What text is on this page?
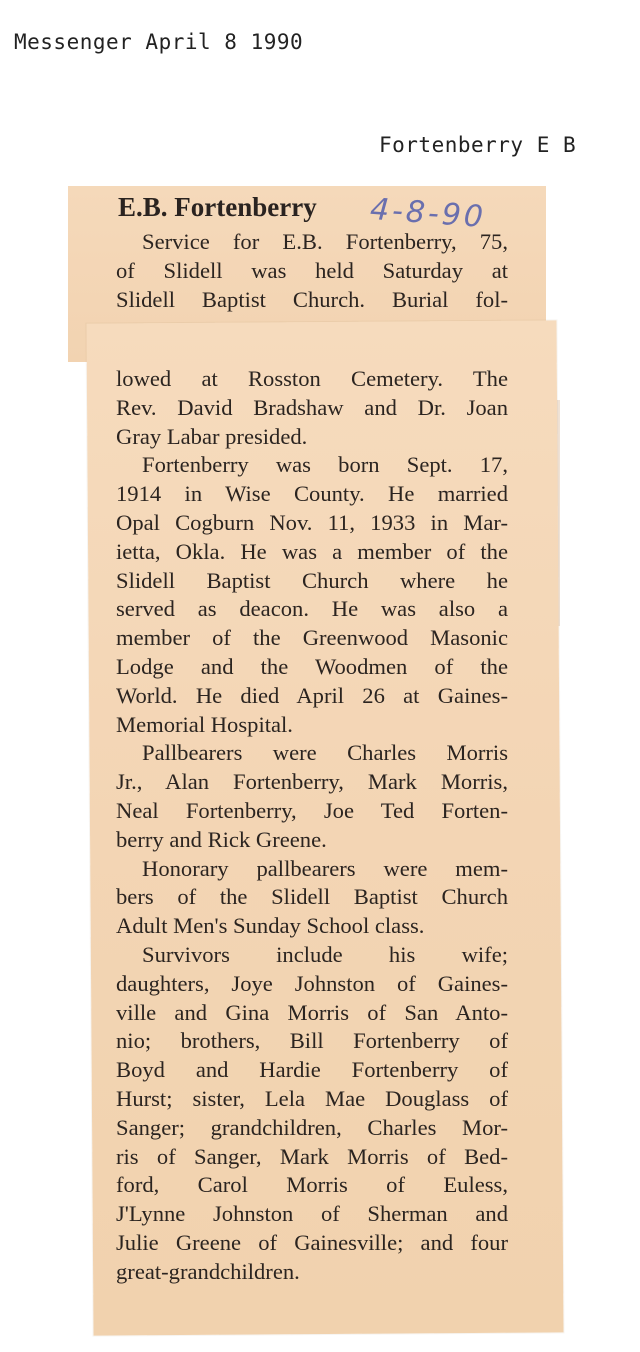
Messenger April 8 1990
Fortenberry E B
E.B. Fortenberry 4-8-90
Service for E.B. Fortenberry, 75,
of Slidell was held Saturday at
Slidell Baptist Church. Burial fol-
lowed at Rosston Cemetery. The
Rev. David Bradshaw and Dr. Joan
Gray Labar presided.
Fortenberry was born Sept. 17,
1914 in Wise County. He married
Opal Cogburn Nov. 11, 1933 in Mar-
ietta, Okla. He was a member of the
Slidell Baptist Church where he
served as deacon. He was also a
member of the Greenwood Masonic
Lodge and the Woodmen of the
World. He died April 26 at Gaines-
Memorial Hospital.
Pallbearers were Charles Morris
Jr., Alan Fortenberry, Mark Morris,
Neal Fortenberry, Joe Ted Forten-
berry and Rick Greene.
Honorary pallbearers were mem-
bers of the Slidell Baptist Church
Adult Men's Sunday School class.
Survivors include his wife;
daughters, Joye Johnston of Gaines-
ville and Gina Morris of San Anto-
nio; brothers, Bill Fortenberry of
Boyd and Hardie Fortenberry of
Hurst; sister, Lela Mae Douglass of
Sanger; grandchildren, Charles Mor-
ris of Sanger, Mark Morris of Bed-
ford, Carol Morris of Euless,
J'Lynne Johnston of Sherman and
Julie Greene of Gainesville; and four
great-grandchildren.
